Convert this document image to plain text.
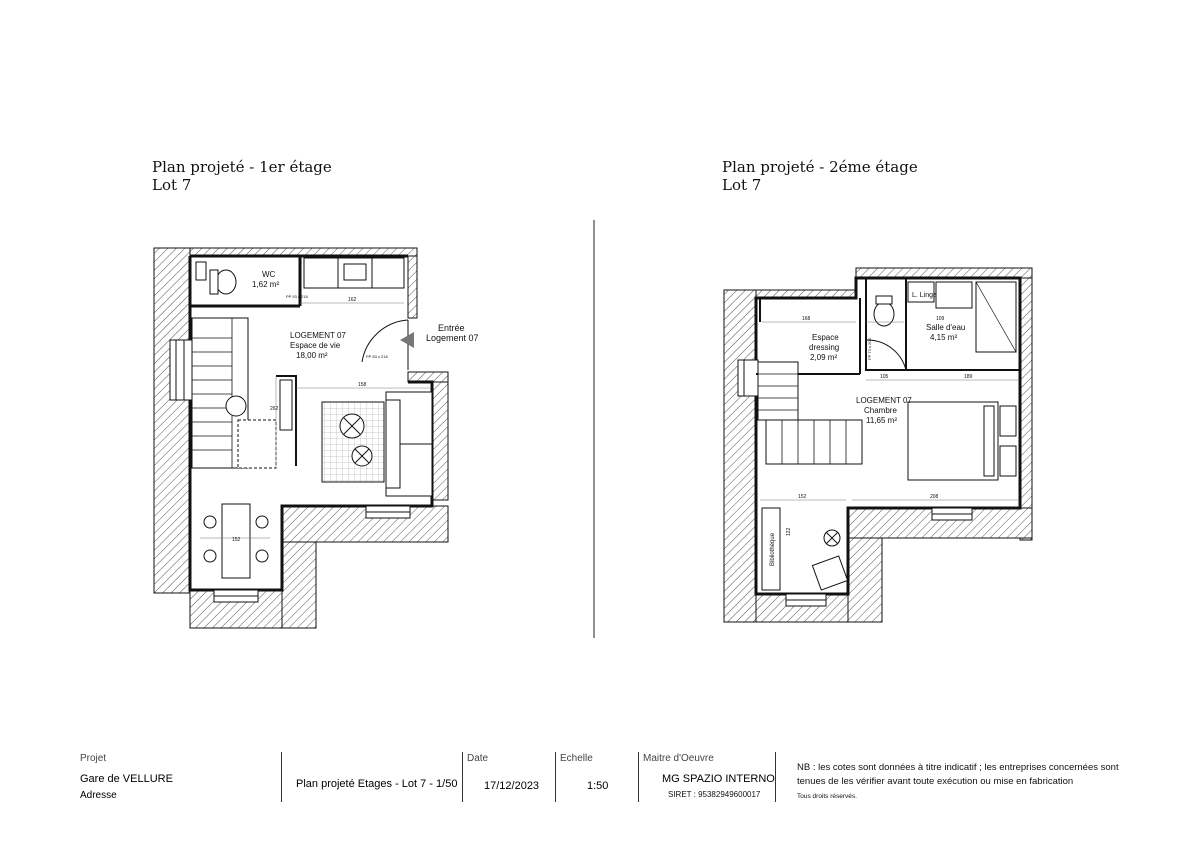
Plan projeté - 1er étage
Lot 7
Plan projeté - 2éme étage
Lot 7
WC
1,62 m²
LOGEMENT 07
Espace de vie
18,00 m²
Entrée
Logement 07
162
158
262
152
PP 83 x 218
PP 93 x 218
Espace
dressing
2,09 m²
L. Linge
Salle d'eau
4,15 m²
LOGEMENT 07
Chambre
11,65 m²
Bibliothèque
168
105	189
152	208
109
122
PP 73 x 204
Projet
Gare de VELLURE
Adresse
Plan projeté Etages - Lot 7 - 1/50
Date
17/12/2023
Echelle
1:50
Maitre d'Oeuvre
MG SPAZIO INTERNO
SIRET : 95382949600017
NB : les cotes sont données à titre indicatif ; les entreprises concernées sont
tenues de les vérifier avant toute exécution ou mise en fabrication
Tous droits réservés.
